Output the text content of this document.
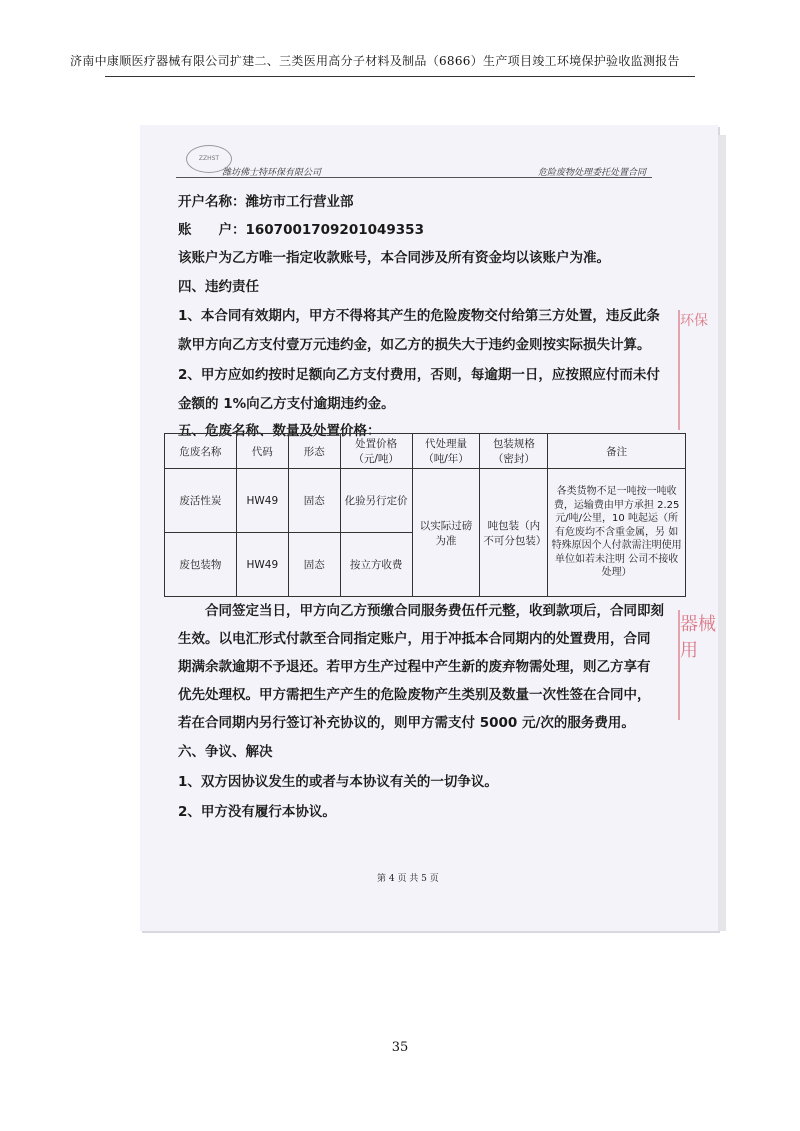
济南中康顺医疗器械有限公司扩建二、三类医用高分子材料及制品（6866）生产项目竣工环境保护验收监测报告
ZZHST
潍坊佛士特环保有限公司	危险废物处理委托处置合同
开户名称：潍坊市工行营业部
账　　户：1607001709201049353
该账户为乙方唯一指定收款账号，本合同涉及所有资金均以该账户为准。
四、违约责任
1、本合同有效期内，甲方不得将其产生的危险废物交付给第三方处置，违反此条
款甲方向乙方支付壹万元违约金，如乙方的损失大于违约金则按实际损失计算。
2、甲方应如约按时足额向乙方支付费用，否则，每逾期一日，应按照应付而未付
金额的 1%向乙方支付逾期违约金。
五、危废名称、数量及处置价格：
危废名称	代码	形态	处置价格（元/吨）	代处理量（吨/年）	包装规格（密封）	备注
废活性炭	HW49	固态	化验另行定价	以实际过磅为准	吨包装（内不可分包装）	各类货物不足一吨按一吨收费，运输费由甲方承担 2.25 元/吨/公里，10 吨起运（所有危废均不含重金属，另 如特殊原因个人付款需注明使用单位如若未注明 公司不接收处理）
废包装物	HW49	固态	按立方收费			
合同签定当日，甲方向乙方预缴合同服务费伍仟元整，收到款项后，合同即刻
生效。以电汇形式付款至合同指定账户，用于冲抵本合同期内的处置费用，合同
期满余款逾期不予退还。若甲方生产过程中产生新的废弃物需处理，则乙方享有
优先处理权。甲方需把生产产生的危险废物产生类别及数量一次性签在合同中，
若在合同期内另行签订补充协议的，则甲方需支付 5000 元/次的服务费用。
六、争议、解决
1、双方因协议发生的或者与本协议有关的一切争议。
2、甲方没有履行本协议。
第 4 页 共 5 页
环保
器械用
35
